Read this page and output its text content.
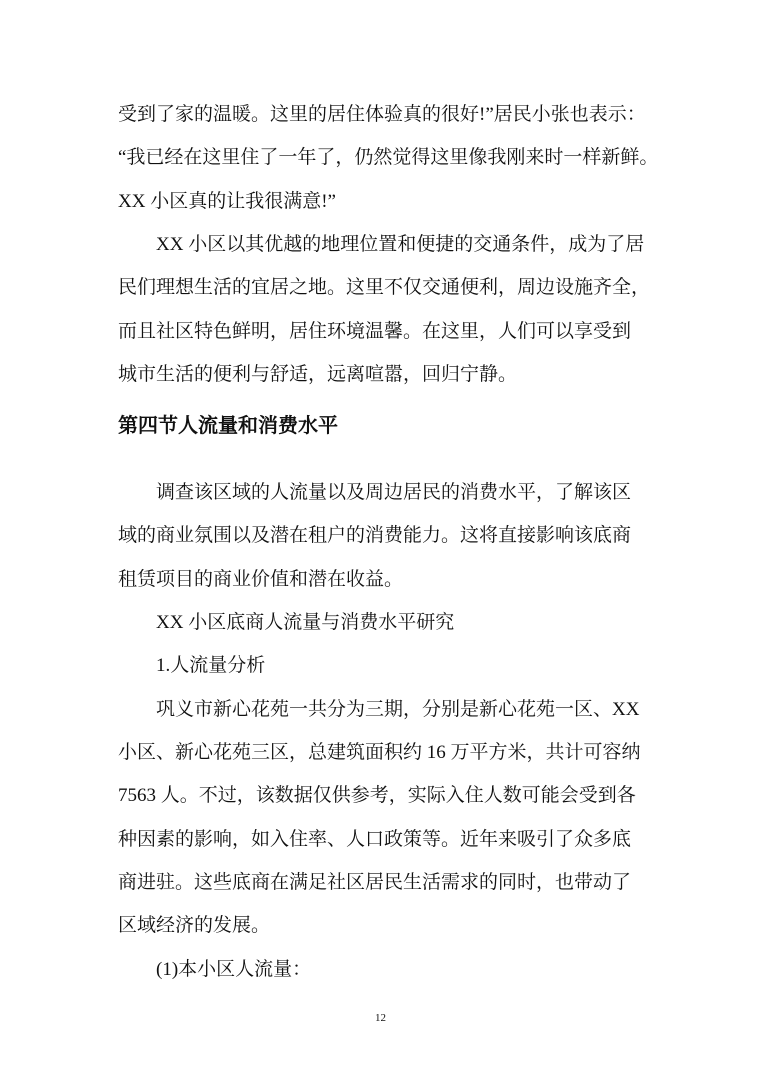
受到了家的温暖。这里的居住体验真的很好!”居民小张也表示：
“我已经在这里住了一年了，仍然觉得这里像我刚来时一样新鲜。
XX 小区真的让我很满意!”
XX 小区以其优越的地理位置和便捷的交通条件，成为了居
民们理想生活的宜居之地。这里不仅交通便利，周边设施齐全，
而且社区特色鲜明，居住环境温馨。在这里，人们可以享受到
城市生活的便利与舒适，远离喧嚣，回归宁静。
第四节人流量和消费水平
调查该区域的人流量以及周边居民的消费水平，了解该区
域的商业氛围以及潜在租户的消费能力。这将直接影响该底商
租赁项目的商业价值和潜在收益。
XX 小区底商人流量与消费水平研究
1.人流量分析
巩义市新心花苑一共分为三期，分别是新心花苑一区、XX
小区、新心花苑三区，总建筑面积约 16 万平方米，共计可容纳
7563 人。不过，该数据仅供参考，实际入住人数可能会受到各
种因素的影响，如入住率、人口政策等。近年来吸引了众多底
商进驻。这些底商在满足社区居民生活需求的同时，也带动了
区域经济的发展。
(1)本小区人流量：
12
